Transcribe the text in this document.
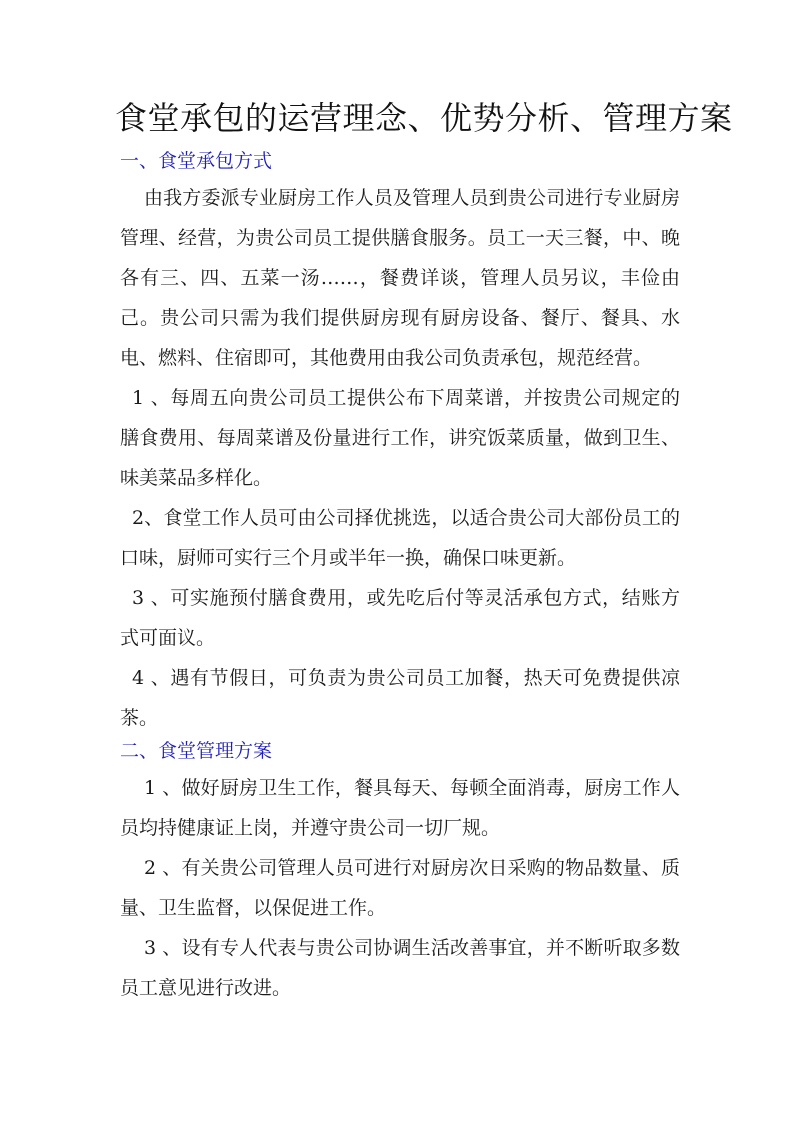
食堂承包的运营理念、优势分析、管理方案
一、食堂承包方式
由我方委派专业厨房工作人员及管理人员到贵公司进行专业厨房管理、经营，为贵公司员工提供膳食服务。员工一天三餐，中、晚各有三、四、五菜一汤……，餐费详谈，管理人员另议，丰俭由己。贵公司只需为我们提供厨房现有厨房设备、餐厅、餐具、水电、燃料、住宿即可，其他费用由我公司负责承包，规范经营。
1 、每周五向贵公司员工提供公布下周菜谱，并按贵公司规定的膳食费用、每周菜谱及份量进行工作，讲究饭菜质量，做到卫生、味美菜品多样化。
2、食堂工作人员可由公司择优挑选，以适合贵公司大部份员工的口味，厨师可实行三个月或半年一换，确保口味更新。
3 、可实施预付膳食费用，或先吃后付等灵活承包方式，结账方式可面议。
4 、遇有节假日，可负责为贵公司员工加餐，热天可免费提供凉茶。
二、食堂管理方案
1 、做好厨房卫生工作，餐具每天、每顿全面消毒，厨房工作人员均持健康证上岗，并遵守贵公司一切厂规。
2 、有关贵公司管理人员可进行对厨房次日采购的物品数量、质量、卫生监督，以保促进工作。
3 、设有专人代表与贵公司协调生活改善事宜，并不断听取多数员工意见进行改进。
